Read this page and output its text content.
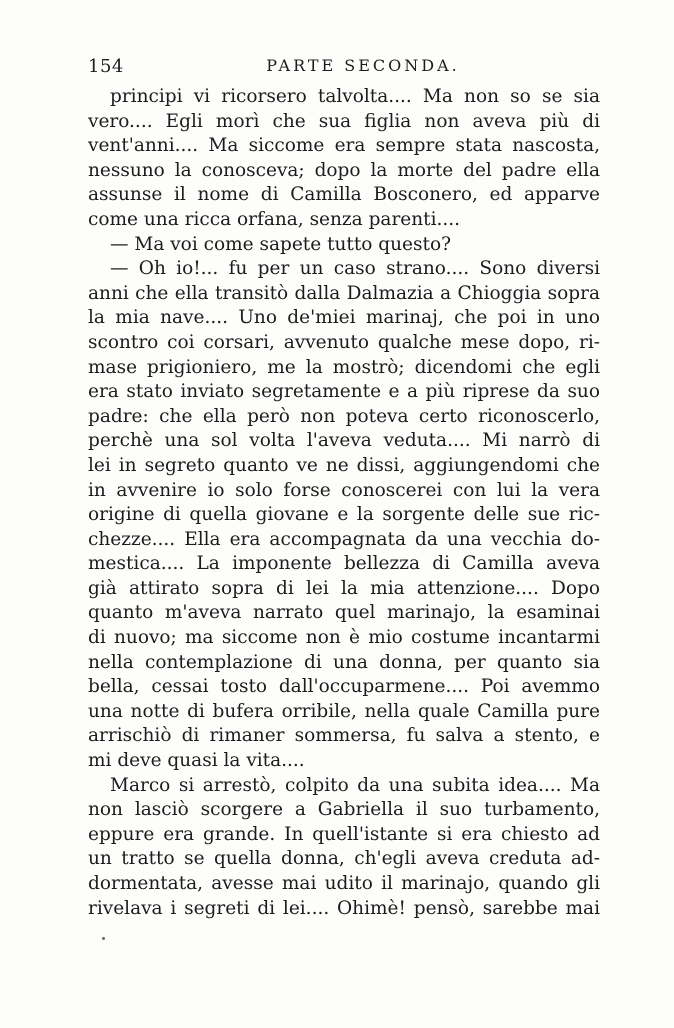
154	PARTE SECONDA.
principi vi ricorsero talvolta.... Ma non so se sia
vero.... Egli morì che sua figlia non aveva più di
vent'anni.... Ma siccome era sempre stata nascosta,
nessuno la conosceva; dopo la morte del padre ella
assunse il nome di Camilla Bosconero, ed apparve
come una ricca orfana, senza parenti....
— Ma voi come sapete tutto questo?
— Oh io!... fu per un caso strano.... Sono diversi
anni che ella transitò dalla Dalmazia a Chioggia sopra
la mia nave.... Uno de'miei marinaj, che poi in uno
scontro coi corsari, avvenuto qualche mese dopo, ri-
mase prigioniero, me la mostrò; dicendomi che egli
era stato inviato segretamente e a più riprese da suo
padre: che ella però non poteva certo riconoscerlo,
perchè una sol volta l'aveva veduta.... Mi narrò di
lei in segreto quanto ve ne dissi, aggiungendomi che
in avvenire io solo forse conoscerei con lui la vera
origine di quella giovane e la sorgente delle sue ric-
chezze.... Ella era accompagnata da una vecchia do-
mestica.... La imponente bellezza di Camilla aveva
già attirato sopra di lei la mia attenzione.... Dopo
quanto m'aveva narrato quel marinajo, la esaminai
di nuovo; ma siccome non è mio costume incantarmi
nella contemplazione di una donna, per quanto sia
bella, cessai tosto dall'occuparmene.... Poi avemmo
una notte di bufera orribile, nella quale Camilla pure
arrischiò di rimaner sommersa, fu salva a stento, e
mi deve quasi la vita....
Marco si arrestò, colpito da una subita idea.... Ma
non lasciò scorgere a Gabriella il suo turbamento,
eppure era grande. In quell'istante si era chiesto ad
un tratto se quella donna, ch'egli aveva creduta ad-
dormentata, avesse mai udito il marinajo, quando gli
rivelava i segreti di lei.... Ohimè! pensò, sarebbe mai
